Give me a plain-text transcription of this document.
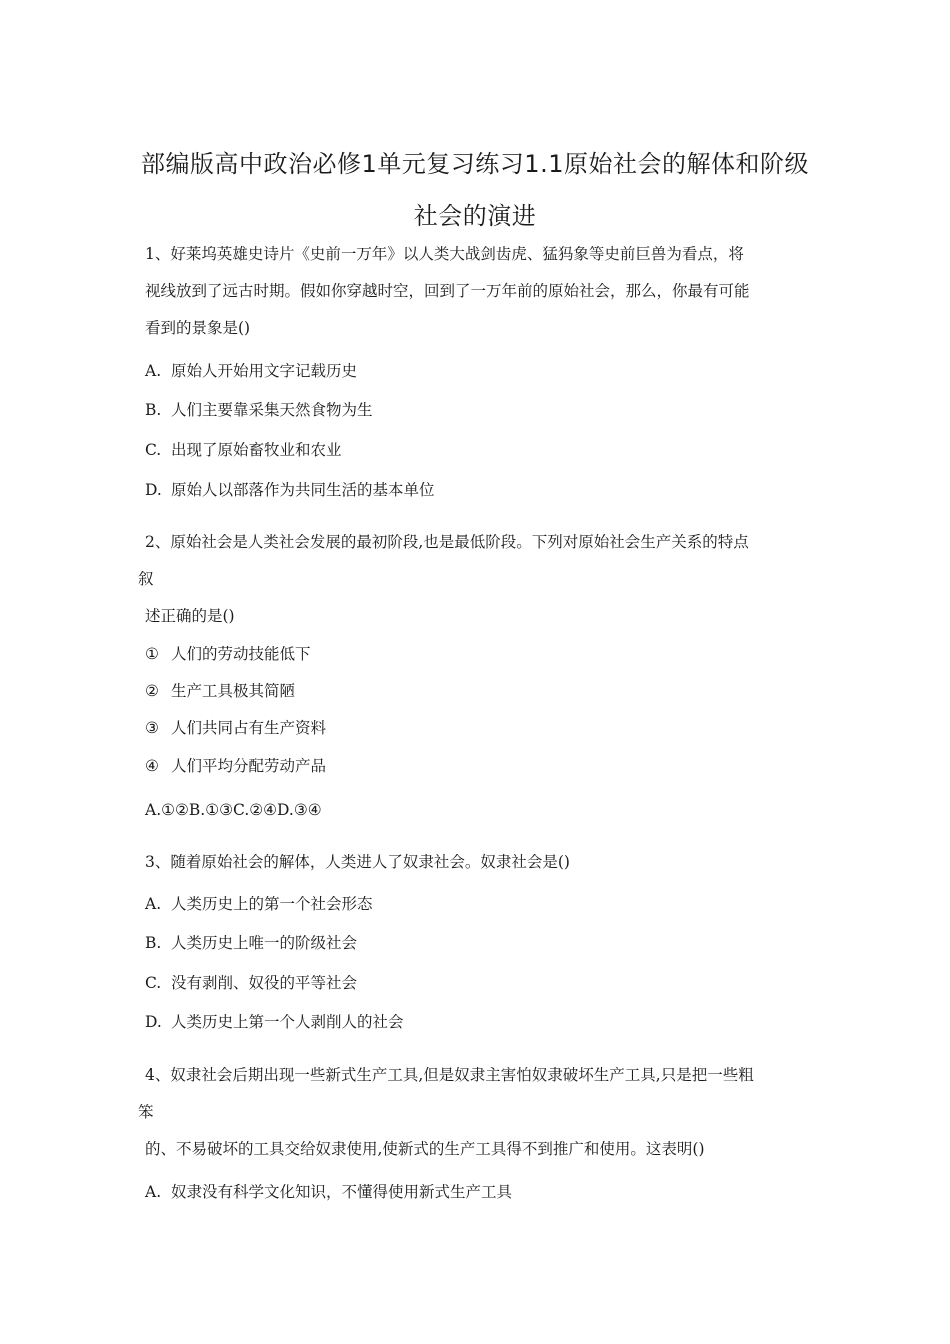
部编版高中政治必修1单元复习练习1.1原始社会的解体和阶级
社会的演进
1、好莱坞英雄史诗片《史前一万年》以人类大战剑齿虎、猛犸象等史前巨兽为看点，将
视线放到了远古时期。假如你穿越时空，回到了一万年前的原始社会，那么，你最有可能
看到的景象是()
A. 原始人开始用文字记载历史
B. 人们主要靠采集天然食物为生
C. 出现了原始畜牧业和农业
D. 原始人以部落作为共同生活的基本单位
2、原始社会是人类社会发展的最初阶段,也是最低阶段。下列对原始社会生产关系的特点
叙
述正确的是()
① 人们的劳动技能低下
② 生产工具极其简陋
③ 人们共同占有生产资料
④ 人们平均分配劳动产品
A.①②B.①③C.②④D.③④
3、随着原始社会的解体，人类进人了奴隶社会。奴隶社会是()
A. 人类历史上的第一个社会形态
B. 人类历史上唯一的阶级社会
C. 没有剥削、奴役的平等社会
D. 人类历史上第一个人剥削人的社会
4、奴隶社会后期出现一些新式生产工具,但是奴隶主害怕奴隶破坏生产工具,只是把一些粗
笨
的、不易破坏的工具交给奴隶使用,使新式的生产工具得不到推广和使用。这表明()
A. 奴隶没有科学文化知识，不懂得使用新式生产工具
